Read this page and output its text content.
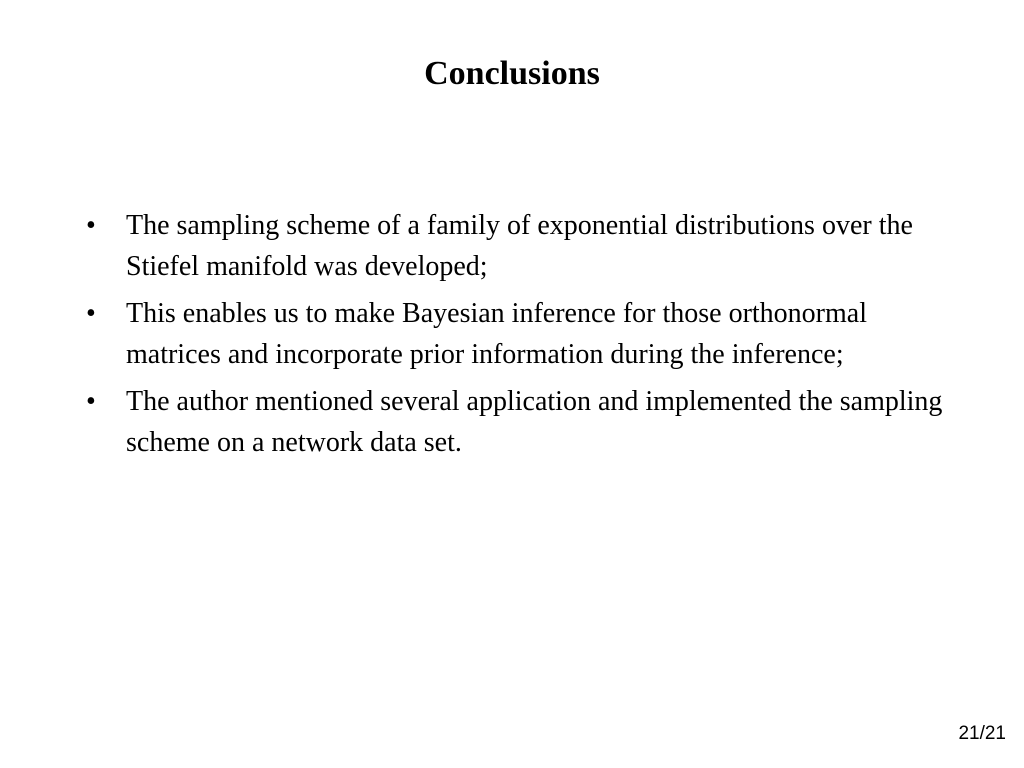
Conclusions
•	The sampling scheme of a family of exponential distributions over the Stiefel manifold was developed;
•	This enables us to make Bayesian inference for those orthonormal matrices and incorporate prior information during the inference;
•	The author mentioned several application and implemented the sampling scheme on a network data set.
21/21
